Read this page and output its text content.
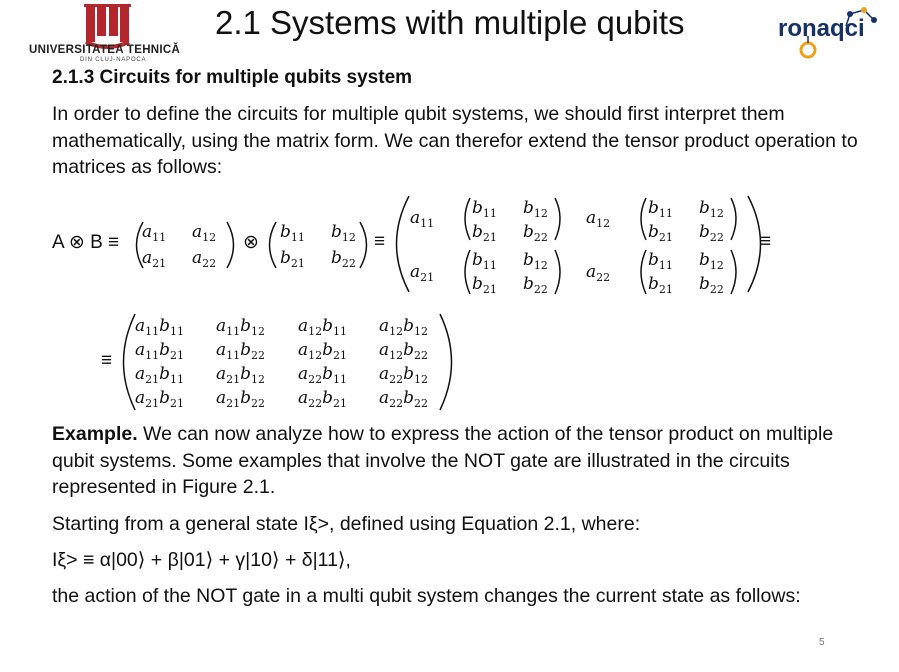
UNIVERSITATEA TEHNICĂ
DIN CLUJ-NAPOCA
2.1 Systems with multiple qubits	ronaqci
2.1.3 Circuits for multiple qubits system
In order to define the circuits for multiple qubit systems, we should first interpret them mathematically, using the matrix form. We can therefor extend the tensor product operation to matrices as follows:
A ⊗ $B \equiv a_{11}$ $a_{12}$
$a_{21}$ $a_{22}$
⊗ $b_{11}$ $b_{12}$
$b_{21}$ $b_{22}$
≡
$a_{11}$
$b_{11}$ $b_{12}$
$b_{21}$ $b_{22}$
$a_{12}$
$b_{11}$ $b_{12}$
$b_{21}$ $b_{22}$
$a_{21}$
$b_{11}$ $b_{12}$
$b_{21}$ $b_{22}$
$a_{22}$
$b_{11}$ $b_{12}$
$b_{21}$ $b_{22}$
≡
≡
$a_{11}b_{11}$ $a_{11}b_{12}$ $a_{12}b_{11}$ $a_{12}b_{12}$
$a_{11}b_{21}$ $a_{11}b_{22}$ $a_{12}b_{21}$ $a_{12}b_{22}$
$a_{21}b_{11}$ $a_{21}b_{12}$ $a_{22}b_{11}$ $a_{22}b_{12}$
$a_{21}b_{21}$ $a_{21}b_{22}$ $a_{22}b_{21}$ $a_{22}b_{22}$
Example. We can now analyze how to express the action of the tensor product on multiple qubit systems. Some examples that involve the NOT gate are illustrated in the circuits represented in Figure 2.1.
Starting from a general state Iξ>, defined using Equation 2.1, where:
Iξ> ≡ α|00⟩ + β|01⟩ + γ|10⟩ + δ|11⟩,
the action of the NOT gate in a multi qubit system changes the current state as follows:
5
